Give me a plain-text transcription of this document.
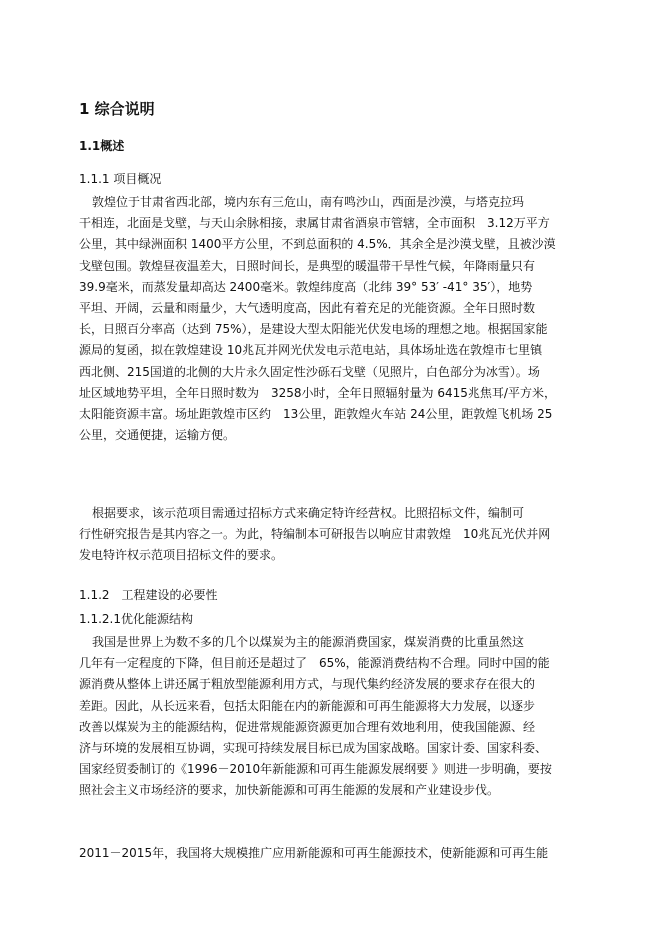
1 综合说明
1.1概述
1.1.1 项目概况
敦煌位于甘肃省西北部，境内东有三危山，南有鸣沙山，西面是沙漠，与塔克拉玛
干相连，北面是戈壁，与天山余脉相接，隶属甘肃省酒泉市管辖，全市面积　3.12万平方
公里，其中绿洲面积 1400平方公里，不到总面积的 4.5%．其余全是沙漠戈壁，且被沙漠
戈壁包围。敦煌昼夜温差大，日照时间长，是典型的暖温带干旱性气候，年降雨量只有
39.9毫米，而蒸发量却高达 2400毫米。敦煌纬度高（北纬 39° 53′ -41° 35′），地势
平坦、开阔，云量和雨量少，大气透明度高，因此有着充足的光能资源。全年日照时数
长，日照百分率高（达到 75%），是建设大型太阳能光伏发电场的理想之地。根据国家能
源局的复函，拟在敦煌建设 10兆瓦并网光伏发电示范电站，具体场址选在敦煌市七里镇
西北侧、215国道的北侧的大片永久固定性沙砾石戈壁（见照片，白色部分为冰雪）。场
址区域地势平坦，全年日照时数为　3258小时，全年日照辐射量为 6415兆焦耳/平方米，
太阳能资源丰富。场址距敦煌市区约　13公里，距敦煌火车站 24公里，距敦煌飞机场 25
公里，交通便捷，运输方便。
根据要求，该示范项目需通过招标方式来确定特许经营权。比照招标文件，编制可
行性研究报告是其内容之一。为此，特编制本可研报告以响应甘肃敦煌　10兆瓦光伏并网
发电特许权示范项目招标文件的要求。
1.1.2　工程建设的必要性
1.1.2.1优化能源结构
我国是世界上为数不多的几个以煤炭为主的能源消费国家，煤炭消费的比重虽然这
几年有一定程度的下降，但目前还是超过了　65%，能源消费结构不合理。同时中国的能
源消费从整体上讲还属于粗放型能源利用方式，与现代集约经济发展的要求存在很大的
差距。因此，从长远来看，包括太阳能在内的新能源和可再生能源将大力发展，以逐步
改善以煤炭为主的能源结构，促进常规能源资源更加合理有效地利用，使我国能源、经
济与环境的发展相互协调，实现可持续发展目标已成为国家战略。国家计委、国家科委、
国家经贸委制订的《1996－2010年新能源和可再生能源发展纲要 》则进一步明确，要按
照社会主义市场经济的要求，加快新能源和可再生能源的发展和产业建设步伐。
2011－2015年，我国将大规模推广应用新能源和可再生能源技术，使新能源和可再生能
